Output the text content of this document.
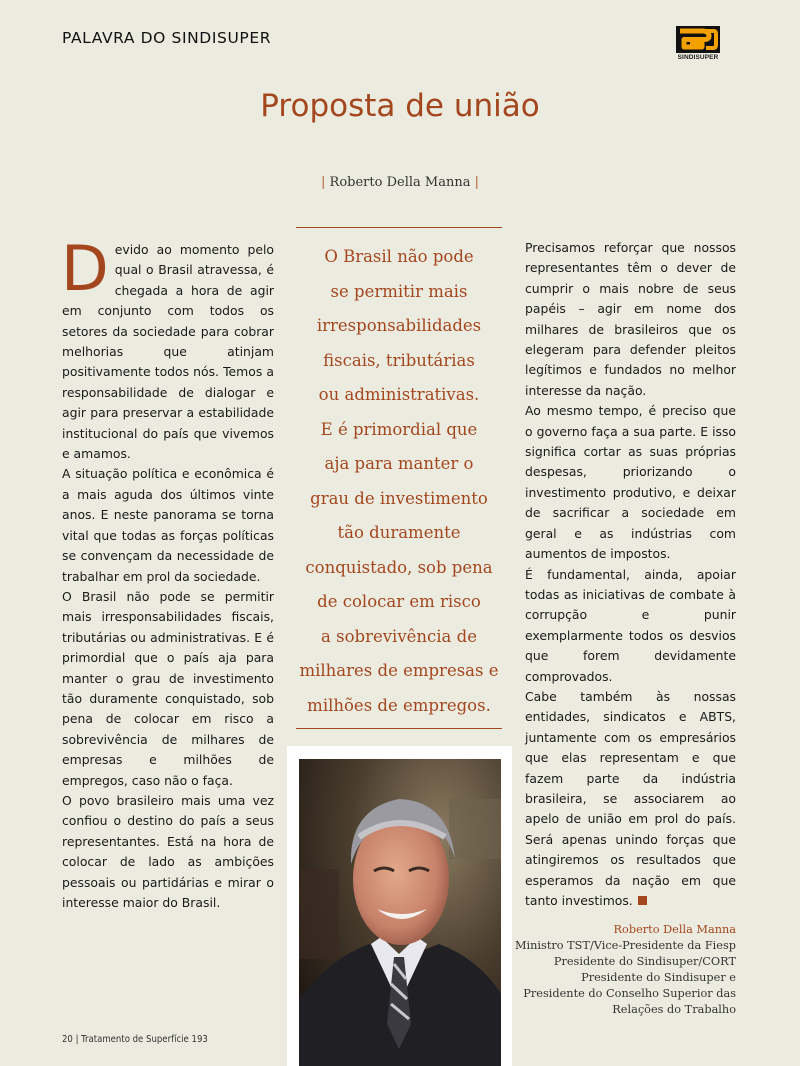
PALAVRA DO SINDISUPER
SINDISUPER
Proposta de união
| Roberto Della Manna |

Devido ao momento pelo qual o Brasil atravessa, é chegada a hora de agir em conjunto com todos os setores da sociedade para cobrar melhorias que atinjam positivamente todos nós. Temos a responsabilidade de dialogar e agir para preservar a estabilidade institucional do país que vivemos e amamos.

A situação política e econômica é a mais aguda dos últimos vinte anos. E neste panorama se torna vital que todas as forças políticas se convençam da necessidade de trabalhar em prol da sociedade.

O Brasil não pode se permitir mais irresponsabilidades fiscais, tributárias ou administrativas. E é primordial que o país aja para manter o grau de investimento tão duramente conquistado, sob pena de colocar em risco a sobrevivência de milhares de empresas e milhões de empregos, caso não o faça.

O povo brasileiro mais uma vez confiou o destino do país a seus representantes. Está na hora de colocar de lado as ambições pessoais ou partidárias e mirar o interesse maior do Brasil.

O Brasil não pode

se permitir mais

irresponsabilidades

fiscais, tributárias

ou administrativas.

E é primordial que

aja para manter o

grau de investimento

tão duramente

conquistado, sob pena

de colocar em risco

a sobrevivência de

milhares de empresas e

milhões de empregos.

Precisamos reforçar que nossos representantes têm o dever de cumprir o mais nobre de seus papéis – agir em nome dos milhares de brasileiros que os elegeram para defender pleitos legítimos e fundados no melhor interesse da nação.

Ao mesmo tempo, é preciso que o governo faça a sua parte. E isso significa cortar as suas próprias despesas, priorizando o investimento produtivo, e deixar de sacrificar a sociedade em geral e as indústrias com aumentos de impostos.

É fundamental, ainda, apoiar todas as iniciativas de combate à corrupção e punir exemplarmente todos os desvios que forem devidamente comprovados.

Cabe também às nossas entidades, sindicatos e ABTS, juntamente com os empresários que elas representam e que fazem parte da indústria brasileira, se associarem ao apelo de união em prol do país. Será apenas unindo forças que atingiremos os resultados que esperamos da nação em que tanto investimos.

Roberto Della Manna
Ministro TST/Vice-Presidente da Fiesp
Presidente do Sindisuper/CORT
Presidente do Sindisuper e
Presidente do Conselho Superior das
Relações do Trabalho
20 | Tratamento de Superfície 193
